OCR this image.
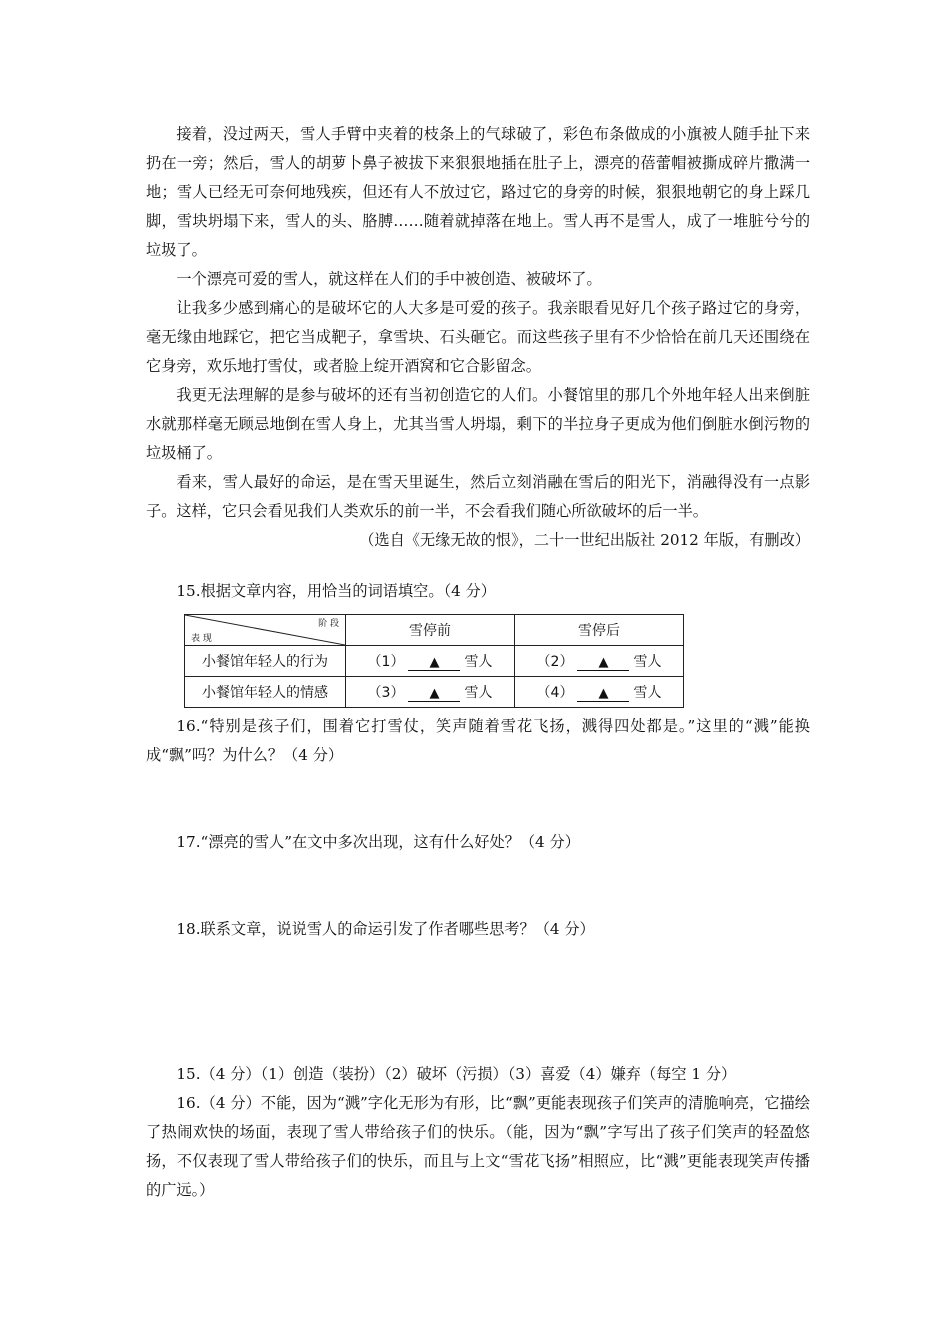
接着，没过两天，雪人手臂中夹着的枝条上的气球破了，彩色布条做成的小旗被人随手扯下来扔在一旁；然后，雪人的胡萝卜鼻子被拔下来狠狠地插在肚子上，漂亮的蓓蕾帽被撕成碎片撒满一地；雪人已经无可奈何地残疾，但还有人不放过它，路过它的身旁的时候，狠狠地朝它的身上踩几脚，雪块坍塌下来，雪人的头、胳膊……随着就掉落在地上。雪人再不是雪人，成了一堆脏兮兮的垃圾了。

一个漂亮可爱的雪人，就这样在人们的手中被创造、被破坏了。

让我多少感到痛心的是破坏它的人大多是可爱的孩子。我亲眼看见好几个孩子路过它的身旁，毫无缘由地踩它，把它当成靶子，拿雪块、石头砸它。而这些孩子里有不少恰恰在前几天还围绕在它身旁，欢乐地打雪仗，或者脸上绽开酒窝和它合影留念。

我更无法理解的是参与破坏的还有当初创造它的人们。小餐馆里的那几个外地年轻人出来倒脏水就那样毫无顾忌地倒在雪人身上，尤其当雪人坍塌，剩下的半拉身子更成为他们倒脏水倒污物的垃圾桶了。

看来，雪人最好的命运，是在雪天里诞生，然后立刻消融在雪后的阳光下，消融得没有一点影子。这样，它只会看见我们人类欢乐的前一半，不会看我们随心所欲破坏的后一半。

（选自《无缘无故的恨》，二十一世纪出版社 2012 年版，有删改）

15.根据文章内容，用恰当的词语填空。（4 分）

阶 段
表 现	雪停前	雪停后
小餐馆年轻人的行为	（1） ▲ 雪人	（2） ▲ 雪人
小餐馆年轻人的情感	（3） ▲ 雪人	（4） ▲ 雪人

16.“特别是孩子们，围着它打雪仗，笑声随着雪花飞扬，溅得四处都是。”这里的“溅”能换成“飘”吗？为什么？（4 分）

17.“漂亮的雪人”在文中多次出现，这有什么好处？（4 分）

18.联系文章，说说雪人的命运引发了作者哪些思考？（4 分）

15.（4 分）（1）创造（装扮）（2）破坏（污损）（3）喜爱（4）嫌弃（每空 1 分）

16.（4 分）不能，因为“溅”字化无形为有形，比“飘”更能表现孩子们笑声的清脆响亮，它描绘了热闹欢快的场面，表现了雪人带给孩子们的快乐。（能，因为“飘”字写出了孩子们笑声的轻盈悠扬，不仅表现了雪人带给孩子们的快乐，而且与上文“雪花飞扬”相照应，比“溅”更能表现笑声传播的广远。）
